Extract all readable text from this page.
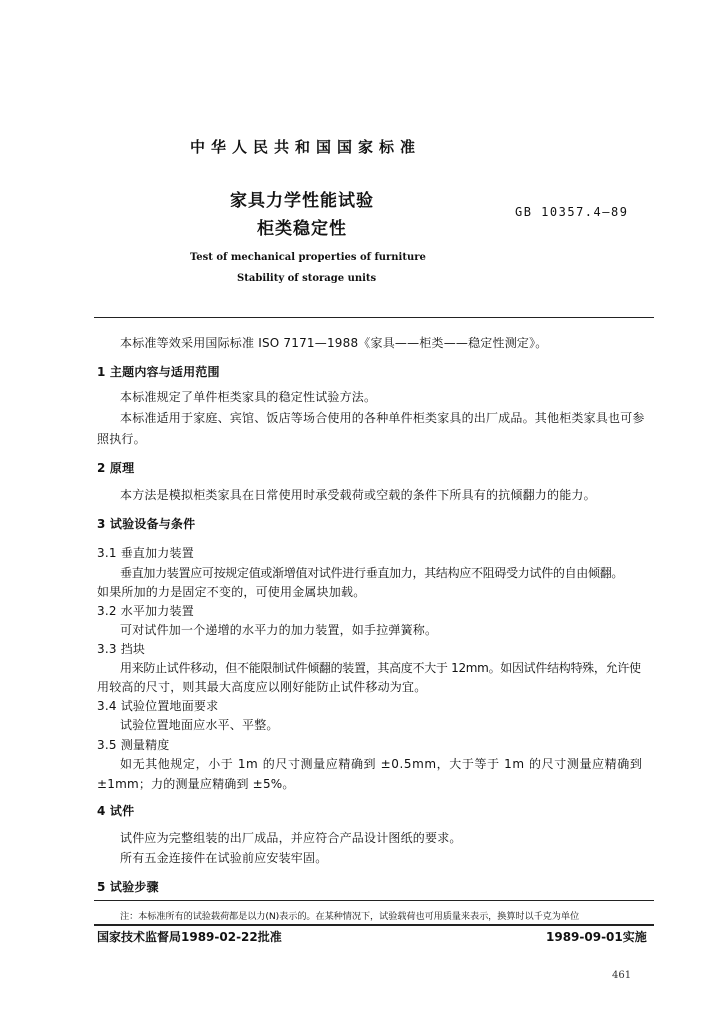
中华人民共和国国家标准
家具力学性能试验
柜类稳定性
GB 10357.4—89
Test of mechanical properties of furniture
Stability of storage units
本标准等效采用国际标准 ISO 7171—1988《家具——柜类——稳定性测定》。
1 主题内容与适用范围
本标准规定了单件柜类家具的稳定性试验方法。
本标准适用于家庭、宾馆、饭店等场合使用的各种单件柜类家具的出厂成品。其他柜类家具也可参
照执行。
2 原理
本方法是模拟柜类家具在日常使用时承受载荷或空载的条件下所具有的抗倾翻力的能力。
3 试验设备与条件
3.1 垂直加力装置
垂直加力装置应可按规定值或渐增值对试件进行垂直加力，其结构应不阻碍受力试件的自由倾翻。
如果所加的力是固定不变的，可使用金属块加载。
3.2 水平加力装置
可对试件加一个递增的水平力的加力装置，如手拉弹簧称。
3.3 挡块
用来防止试件移动，但不能限制试件倾翻的装置，其高度不大于 12mm。如因试件结构特殊，允许使
用较高的尺寸，则其最大高度应以刚好能防止试件移动为宜。
3.4 试验位置地面要求
试验位置地面应水平、平整。
3.5 测量精度
如无其他规定，小于 1m 的尺寸测量应精确到 ±0.5mm，大于等于 1m 的尺寸测量应精确到
±1mm；力的测量应精确到 ±5%。
4 试件
试件应为完整组装的出厂成品，并应符合产品设计图纸的要求。
所有五金连接件在试验前应安装牢固。
5 试验步骤
注：本标准所有的试验载荷都是以力(N)表示的。在某种情况下，试验载荷也可用质量来表示，换算时以千克为单位
国家技术监督局1989-02-22批准	1989-09-01实施
461
